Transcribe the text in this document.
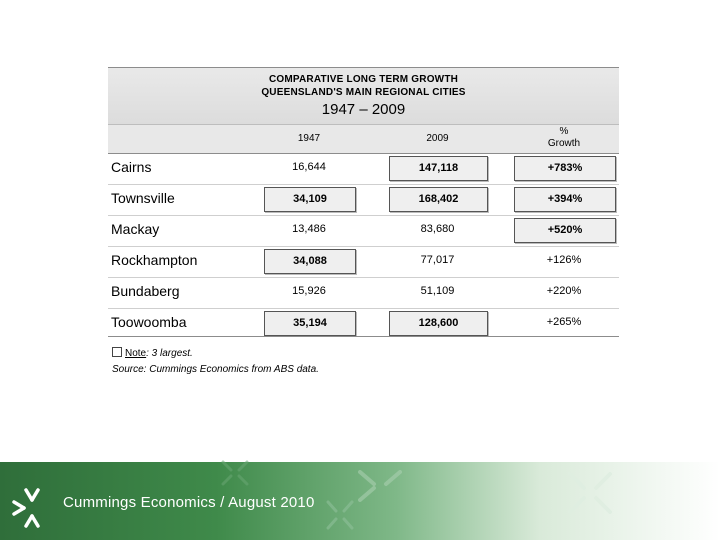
COMPARATIVE LONG TERM GROWTH
QUEENSLAND'S MAIN REGIONAL CITIES
1947 – 2009
1947	2009
%
Growth
Cairns	16,644	147,118	+783%
Townsville	34,109	168,402	+394%
Mackay	13,486	83,680	+520%
Rockhampton	34,088	77,017	+126%
Bundaberg	15,926	51,109	+220%
Toowoomba	35,194	128,600	+265%
Note: 3 largest.
Source: Cummings Economics from ABS data.
Cummings Economics / August 2010
